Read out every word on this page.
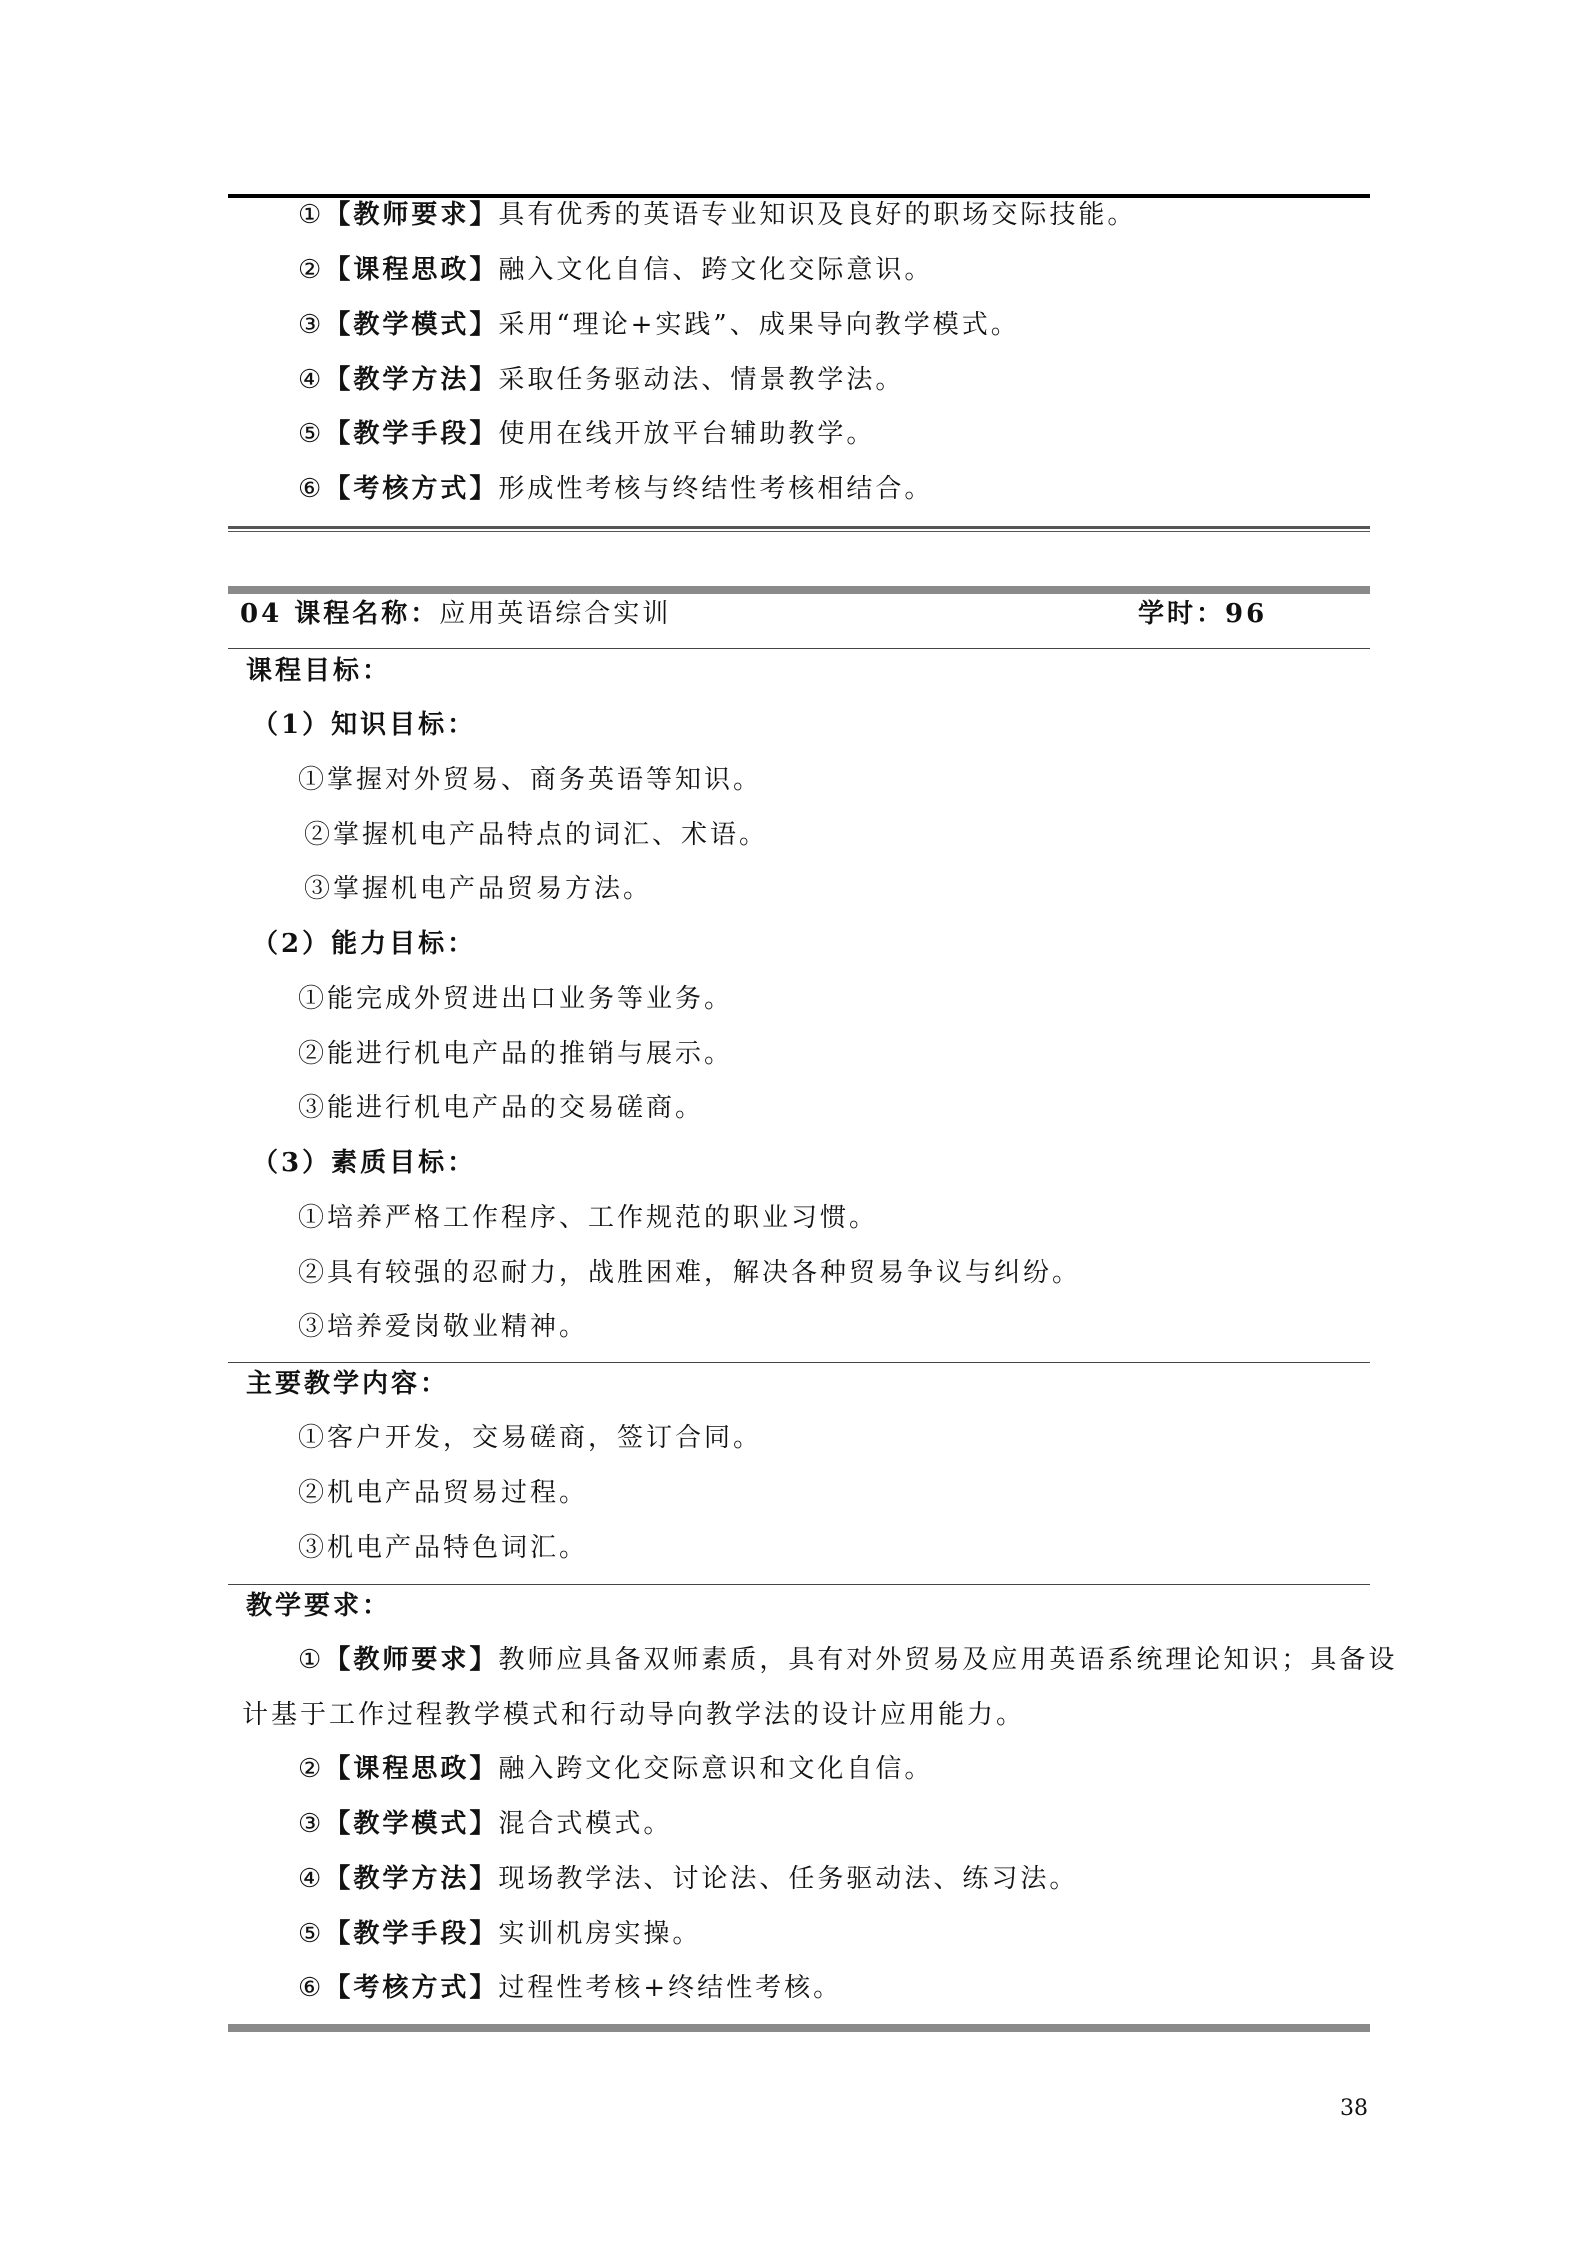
①【教师要求】具有优秀的英语专业知识及良好的职场交际技能。
②【课程思政】融入文化自信、跨文化交际意识。
③【教学模式】采用“理论+实践”、成果导向教学模式。
④【教学方法】采取任务驱动法、情景教学法。
⑤【教学手段】使用在线开放平台辅助教学。
⑥【考核方式】形成性考核与终结性考核相结合。
04 课程名称：应用英语综合实训	学时：96
课程目标：
（1）知识目标：
①掌握对外贸易、商务英语等知识。
②掌握机电产品特点的词汇、术语。
③掌握机电产品贸易方法。
（2）能力目标：
①能完成外贸进出口业务等业务。
②能进行机电产品的推销与展示。
③能进行机电产品的交易磋商。
（3）素质目标：
①培养严格工作程序、工作规范的职业习惯。
②具有较强的忍耐力，战胜困难，解决各种贸易争议与纠纷。
③培养爱岗敬业精神。
主要教学内容：
①客户开发，交易磋商，签订合同。
②机电产品贸易过程。
③机电产品特色词汇。
教学要求：
①【教师要求】教师应具备双师素质，具有对外贸易及应用英语系统理论知识；具备设
计基于工作过程教学模式和行动导向教学法的设计应用能力。
②【课程思政】融入跨文化交际意识和文化自信。
③【教学模式】混合式模式。
④【教学方法】现场教学法、讨论法、任务驱动法、练习法。
⑤【教学手段】实训机房实操。
⑥【考核方式】过程性考核+终结性考核。
38
